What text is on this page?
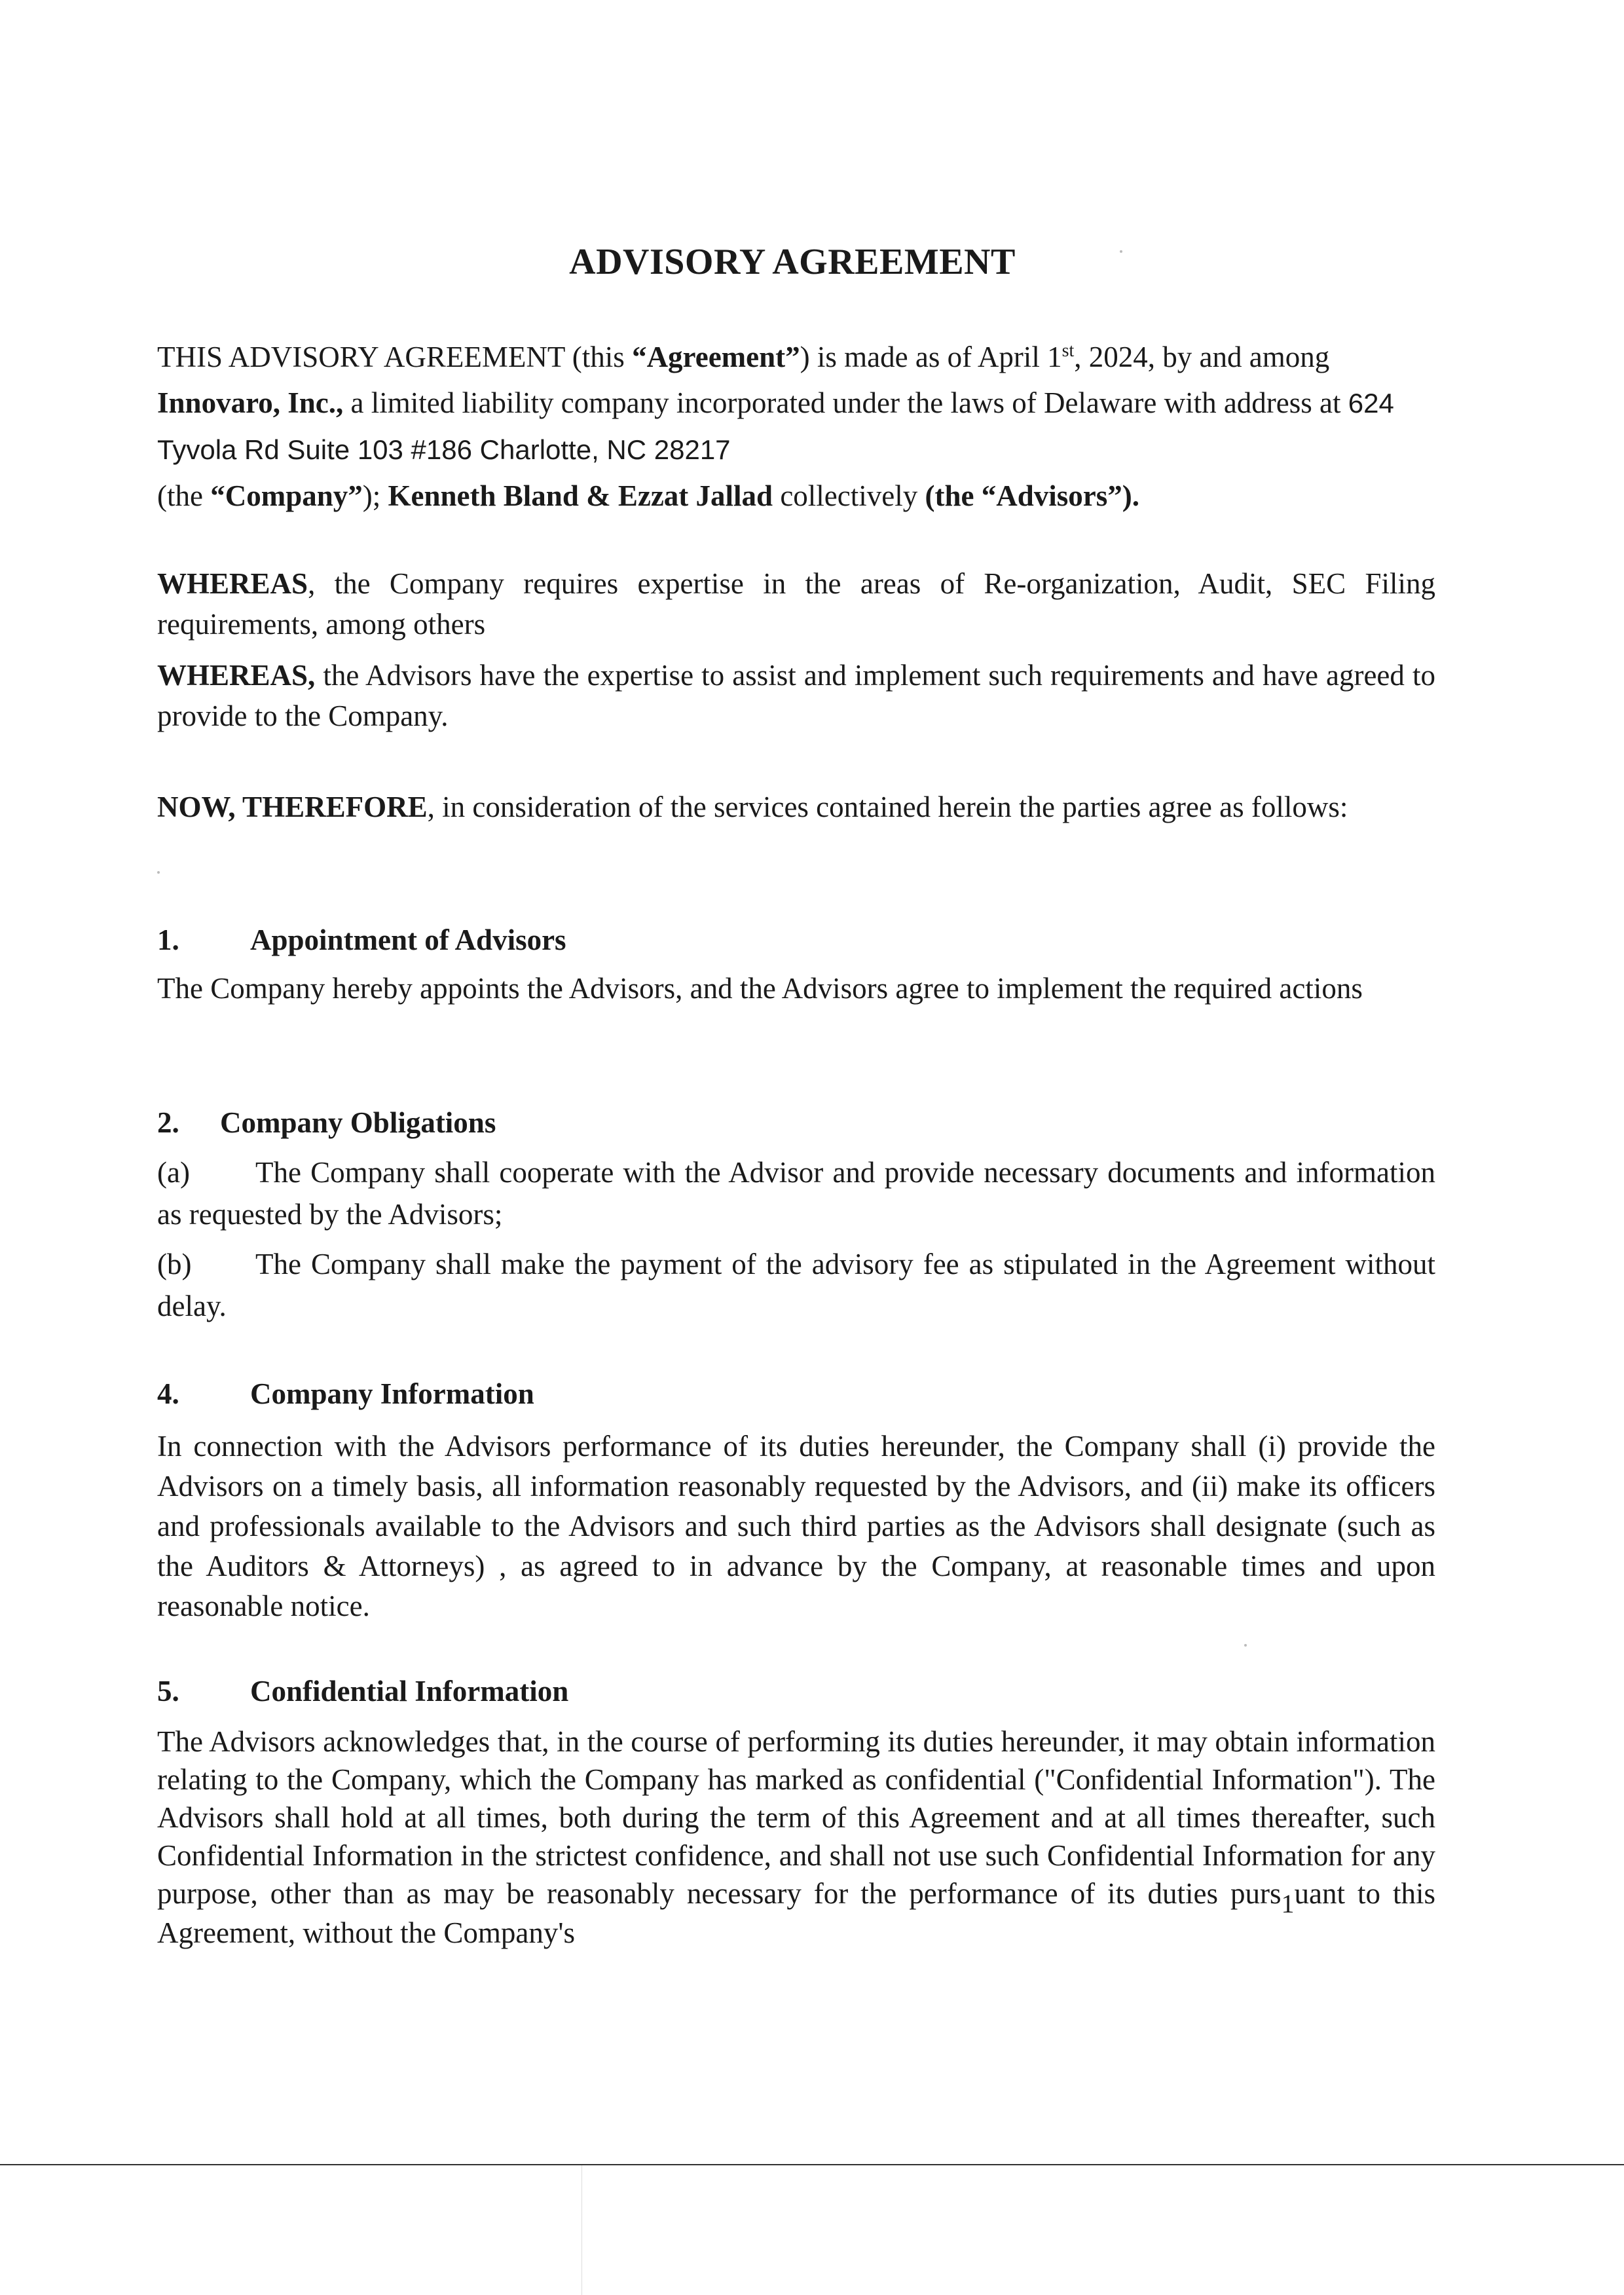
ADVISORY AGREEMENT
THIS ADVISORY AGREEMENT (this “Agreement”) is made as of April 1st, 2024, by and among Innovaro, Inc., a limited liability company incorporated under the laws of Delaware with address at 624 Tyvola Rd Suite 103 #186 Charlotte, NC 28217
(the “Company”); Kenneth Bland & Ezzat Jallad collectively (the “Advisors”).
WHEREAS, the Company requires expertise in the areas of Re-organization, Audit, SEC Filing requirements, among others
WHEREAS, the Advisors have the expertise to assist and implement such requirements and have agreed to provide to the Company.
NOW, THEREFORE, in consideration of the services contained herein the parties agree as follows:
1. Appointment of Advisors
The Company hereby appoints the Advisors, and the Advisors agree to implement the required actions
2. Company Obligations
(a) The Company shall cooperate with the Advisor and provide necessary documents and information as requested by the Advisors;
(b) The Company shall make the payment of the advisory fee as stipulated in the Agreement without delay.
4. Company Information
In connection with the Advisors performance of its duties hereunder, the Company shall (i) provide the Advisors on a timely basis, all information reasonably requested by the Advisors, and (ii) make its officers and professionals available to the Advisors and such third parties as the Advisors shall designate (such as the Auditors & Attorneys) , as agreed to in advance by the Company, at reasonable times and upon reasonable notice.
5. Confidential Information
The Advisors acknowledges that, in the course of performing its duties hereunder, it may obtain information relating to the Company, which the Company has marked as confidential ("Confidential Information"). The Advisors shall hold at all times, both during the term of this Agreement and at all times thereafter, such Confidential Information in the strictest confidence, and shall not use such Confidential Information for any purpose, other than as may be reasonably necessary for the performance of its duties purs1uant to this Agreement, without the Company's
